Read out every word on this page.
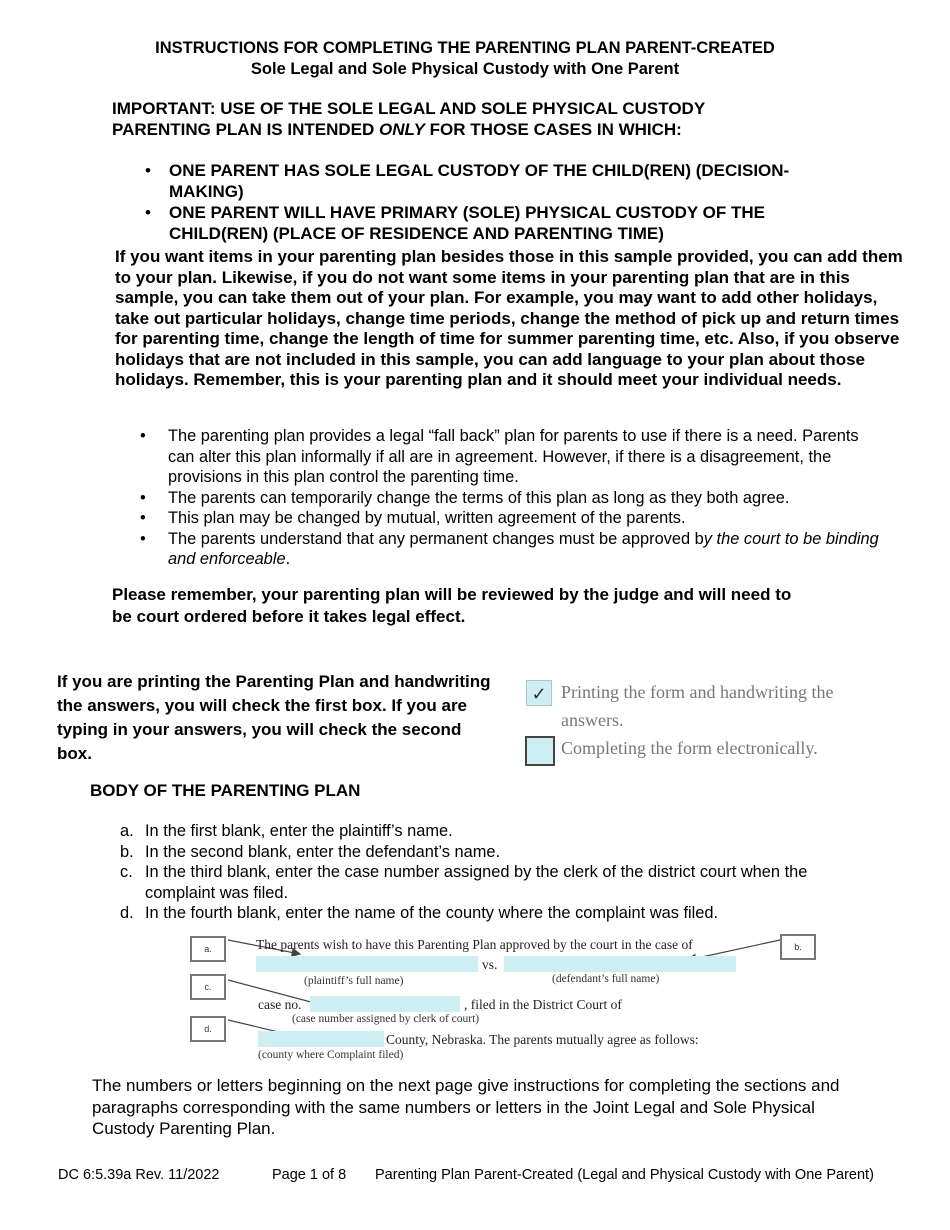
INSTRUCTIONS FOR COMPLETING THE PARENTING PLAN PARENT-CREATED
Sole Legal and Sole Physical Custody with One Parent
IMPORTANT: USE OF THE SOLE LEGAL AND SOLE PHYSICAL CUSTODY
PARENTING PLAN IS INTENDED ONLY FOR THOSE CASES IN WHICH:
• ONE PARENT HAS SOLE LEGAL CUSTODY OF THE CHILD(REN) (DECISION- MAKING)
• ONE PARENT WILL HAVE PRIMARY (SOLE) PHYSICAL CUSTODY OF THE CHILD(REN) (PLACE OF RESIDENCE AND PARENTING TIME)
If you want items in your parenting plan besides those in this sample provided, you can add them to your plan. Likewise, if you do not want some items in your parenting plan that are in this sample, you can take them out of your plan. For example, you may want to add other holidays, take out particular holidays, change time periods, change the method of pick up and return times for parenting time, change the length of time for summer parenting time, etc. Also, if you observe holidays that are not included in this sample, you can add language to your plan about those holidays. Remember, this is your parenting plan and it should meet your individual needs.
• The parenting plan provides a legal “fall back” plan for parents to use if there is a need. Parents can alter this plan informally if all are in agreement. However, if there is a disagreement, the provisions in this plan control the parenting time.
• The parents can temporarily change the terms of this plan as long as they both agree.
• This plan may be changed by mutual, written agreement of the parents.
• The parents understand that any permanent changes must be approved by the court to be binding and enforceable.
Please remember, your parenting plan will be reviewed by the judge and will need to be court ordered before it takes legal effect.
If you are printing the Parenting Plan and handwriting the answers, you will check the first box. If you are typing in your answers, you will check the second box.
✓ Printing the form and handwriting the answers.
Completing the form electronically.
BODY OF THE PARENTING PLAN
a. In the first blank, enter the plaintiff’s name.
b. In the second blank, enter the defendant’s name.
c. In the third blank, enter the case number assigned by the clerk of the district court when the complaint was filed.
d. In the fourth blank, enter the name of the county where the complaint was filed.
a.	b.
c.
d.
The parents wish to have this Parenting Plan approved by the court in the case of
vs.
(plaintiff’s full name)	(defendant’s full name)
case no.	, filed in the District Court of
(case number assigned by clerk of court)
County, Nebraska. The parents mutually agree as follows:
(county where Complaint filed)
The numbers or letters beginning on the next page give instructions for completing the sections and paragraphs corresponding with the same numbers or letters in the Joint Legal and Sole Physical Custody Parenting Plan.
DC 6:5.39a Rev. 11/2022	Page 1 of 8 Parenting Plan Parent-Created (Legal and Physical Custody with One Parent)
